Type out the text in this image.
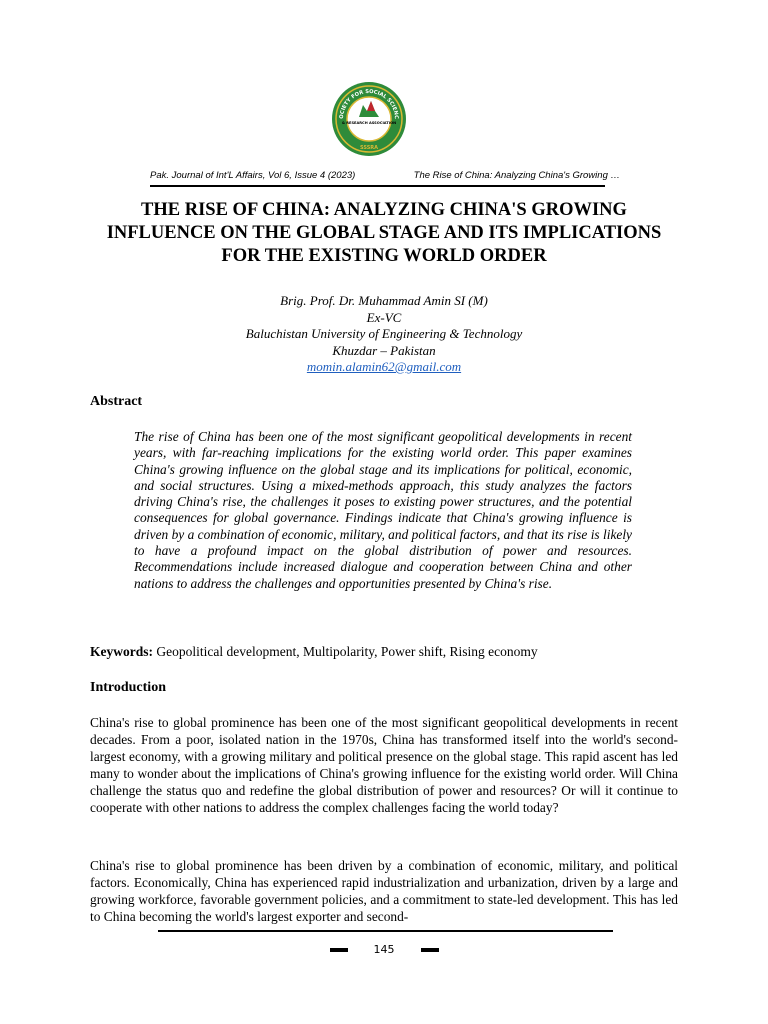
OCIETY FOR SOCIAL SCIENC
& RESEARCH ASSOCIATION
SSSRA
Pak. Journal of Int'L Affairs, Vol 6, Issue 4 (2023)	The Rise of China: Analyzing China's Growing …
THE RISE OF CHINA: ANALYZING CHINA'S GROWING INFLUENCE ON THE GLOBAL STAGE AND ITS IMPLICATIONS FOR THE EXISTING WORLD ORDER
Brig. Prof. Dr. Muhammad Amin SI (M)
Ex-VC
Baluchistan University of Engineering & Technology
Khuzdar – Pakistan
momin.alamin62@gmail.com
Abstract

The rise of China has been one of the most significant geopolitical developments in recent years, with far-reaching implications for the existing world order. This paper examines China's growing influence on the global stage and its implications for political, economic, and social structures. Using a mixed-methods approach, this study analyzes the factors driving China's rise, the challenges it poses to existing power structures, and the potential consequences for global governance. Findings indicate that China's growing influence is driven by a combination of economic, military, and political factors, and that its rise is likely to have a profound impact on the global distribution of power and resources. Recommendations include increased dialogue and cooperation between China and other nations to address the challenges and opportunities presented by China's rise.

Keywords: Geopolitical development, Multipolarity, Power shift, Rising economy

Introduction

China's rise to global prominence has been one of the most significant geopolitical developments in recent decades. From a poor, isolated nation in the 1970s, China has transformed itself into the world's second-largest economy, with a growing military and political presence on the global stage. This rapid ascent has led many to wonder about the implications of China's growing influence for the existing world order. Will China challenge the status quo and redefine the global distribution of power and resources? Or will it continue to cooperate with other nations to address the complex challenges facing the world today?

China's rise to global prominence has been driven by a combination of economic, military, and political factors. Economically, China has experienced rapid industrialization and urbanization, driven by a large and growing workforce, favorable government policies, and a commitment to state-led development. This has led to China becoming the world's largest exporter and second-

145
